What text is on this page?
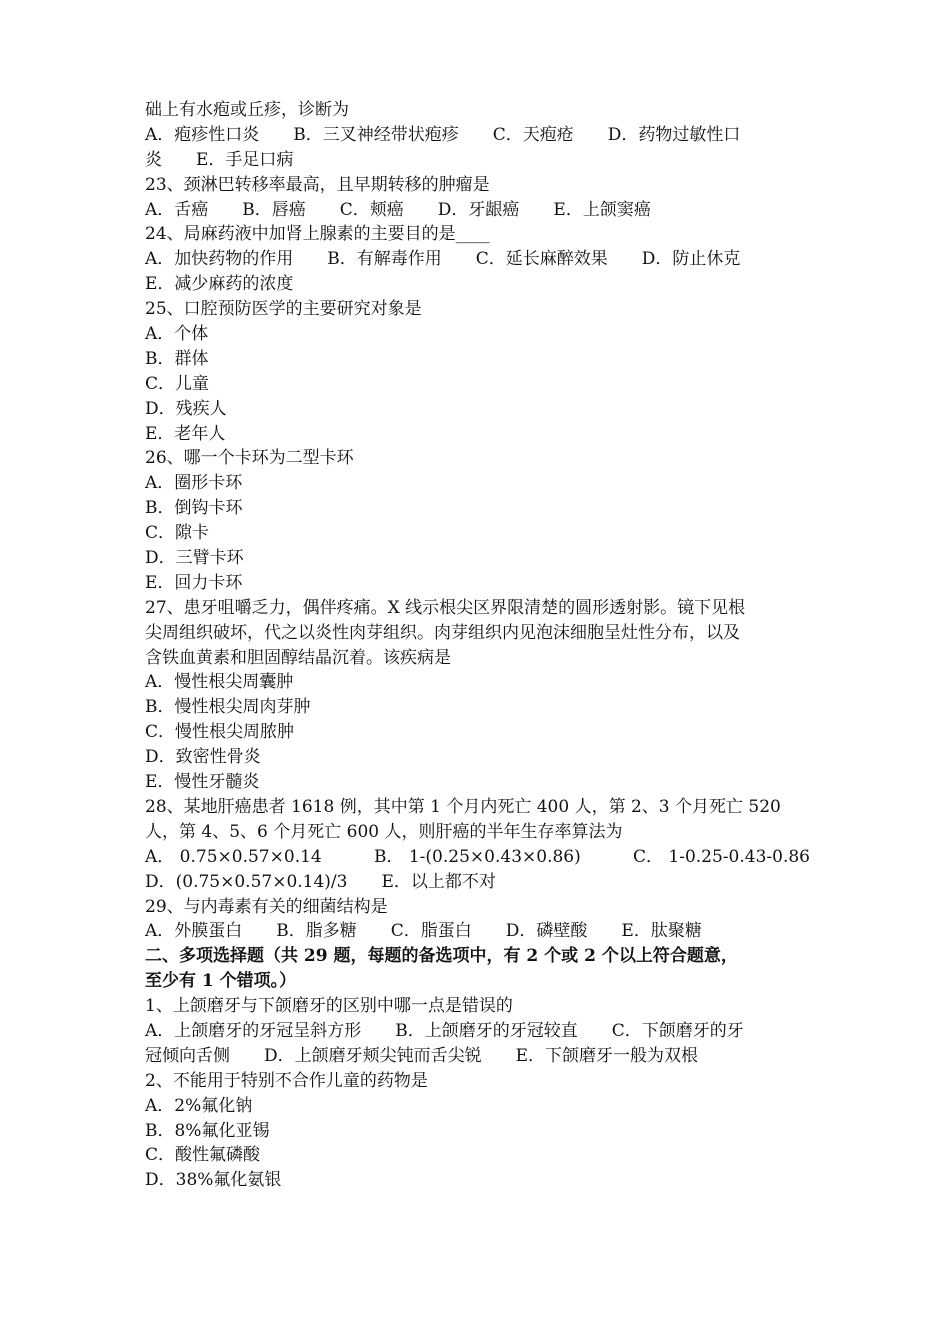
础上有水疱或丘疹，诊断为
A．疱疹性口炎　　B．三叉神经带状疱疹　　C．天疱疮　　D．药物过敏性口
炎　　E．手足口病
23、颈淋巴转移率最高，且早期转移的肿瘤是
A．舌癌　　B．唇癌　　C．颊癌　　D．牙龈癌　　E．上颌窦癌
24、局麻药液中加肾上腺素的主要目的是____
A．加快药物的作用　　B．有解毒作用　　C．延长麻醉效果　　D．防止休克
E．减少麻药的浓度
25、口腔预防医学的主要研究对象是
A．个体
B．群体
C．儿童
D．残疾人
E．老年人
26、哪一个卡环为二型卡环
A．圈形卡环
B．倒钩卡环
C．隙卡
D．三臂卡环
E．回力卡环
27、患牙咀嚼乏力，偶伴疼痛。X 线示根尖区界限清楚的圆形透射影。镜下见根
尖周组织破坏，代之以炎性肉芽组织。肉芽组织内见泡沫细胞呈灶性分布，以及
含铁血黄素和胆固醇结晶沉着。该疾病是
A．慢性根尖周囊肿
B．慢性根尖周肉芽肿
C．慢性根尖周脓肿
D．致密性骨炎
E．慢性牙髓炎
28、某地肝癌患者 1618 例，其中第 1 个月内死亡 400 人，第 2、3 个月死亡 520
人，第 4、5、6 个月死亡 600 人，则肝癌的半年生存率算法为
A． 0.75×0.57×0.14	B． 1-(0.25×0.43×0.86)	C． 1-0.25-0.43-0.86
D．(0.75×0.57×0.14)/3　　E．以上都不对
29、与内毒素有关的细菌结构是
A．外膜蛋白　　B．脂多糖　　C．脂蛋白　　D．磷壁酸　　E．肽聚糖
二、多项选择题（共 29 题，每题的备选项中，有 2 个或 2 个以上符合题意，
至少有 1 个错项。）
1、上颌磨牙与下颌磨牙的区别中哪一点是错误的
A．上颌磨牙的牙冠呈斜方形　　B．上颌磨牙的牙冠较直　　C．下颌磨牙的牙
冠倾向舌侧　　D．上颌磨牙颊尖钝而舌尖锐　　E．下颌磨牙一般为双根
2、不能用于特别不合作儿童的药物是
A．2%氟化钠
B．8%氟化亚锡
C．酸性氟磷酸
D．38%氟化氨银
